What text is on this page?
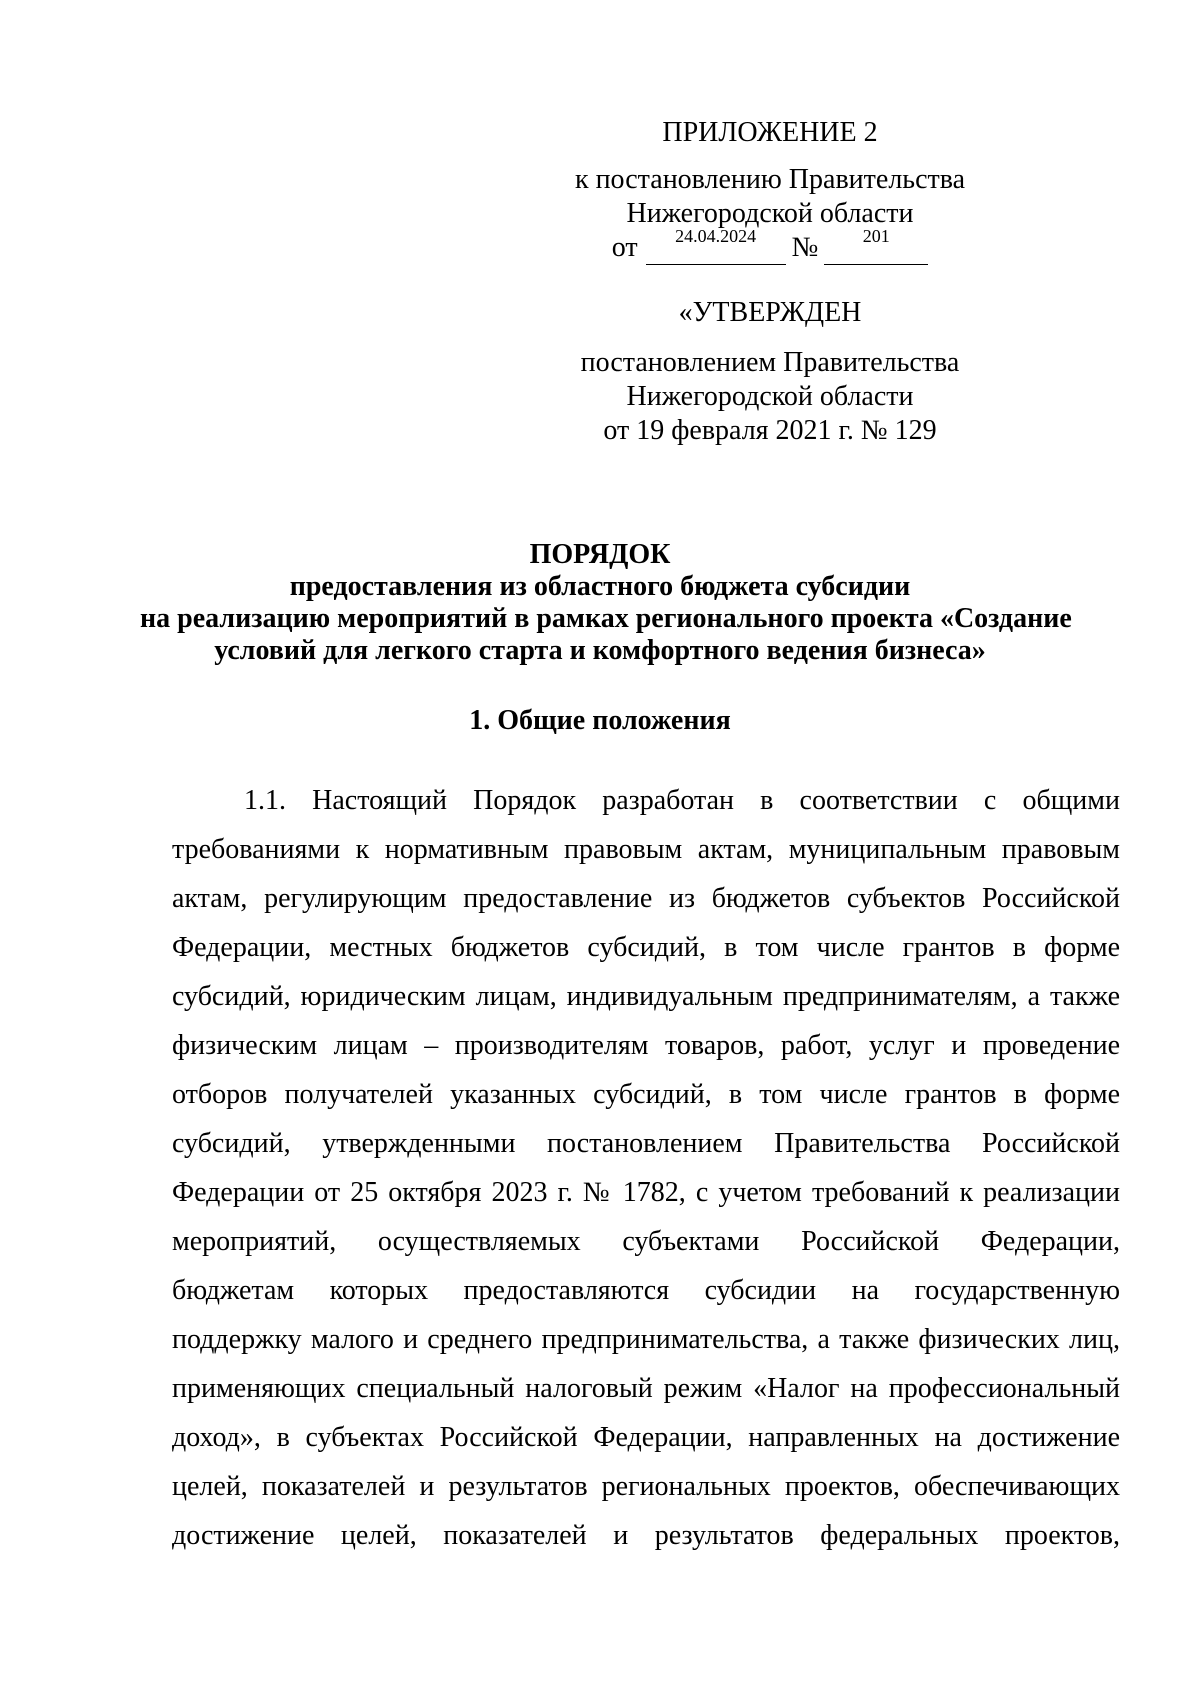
ПРИЛОЖЕНИЕ 2
к постановлению Правительства
Нижегородской области
от	24.04.2024	№	201
«УТВЕРЖДЕН
постановлением Правительства
Нижегородской области
от 19 февраля 2021 г. № 129
ПОРЯДОК
предоставления из областного бюджета субсидии
на реализацию мероприятий в рамках регионального проекта «Создание
условий для легкого старта и комфортного ведения бизнеса»
1. Общие положения
1.1. Настоящий Порядок разработан в соответствии с общими
требованиями к нормативным правовым актам, муниципальным правовым
актам, регулирующим предоставление из бюджетов субъектов Российской
Федерации, местных бюджетов субсидий, в том числе грантов в форме
субсидий, юридическим лицам, индивидуальным предпринимателям, а также
физическим лицам – производителям товаров, работ, услуг и проведение
отборов получателей указанных субсидий, в том числе грантов в форме
субсидий, утвержденными постановлением Правительства Российской
Федерации от 25 октября 2023 г. № 1782, с учетом требований к реализации
мероприятий, осуществляемых субъектами Российской Федерации,
бюджетам которых предоставляются субсидии на государственную
поддержку малого и среднего предпринимательства, а также физических лиц,
применяющих специальный налоговый режим «Налог на профессиональный
доход», в субъектах Российской Федерации, направленных на достижение
целей, показателей и результатов региональных проектов, обеспечивающих
достижение целей, показателей и результатов федеральных проектов,
